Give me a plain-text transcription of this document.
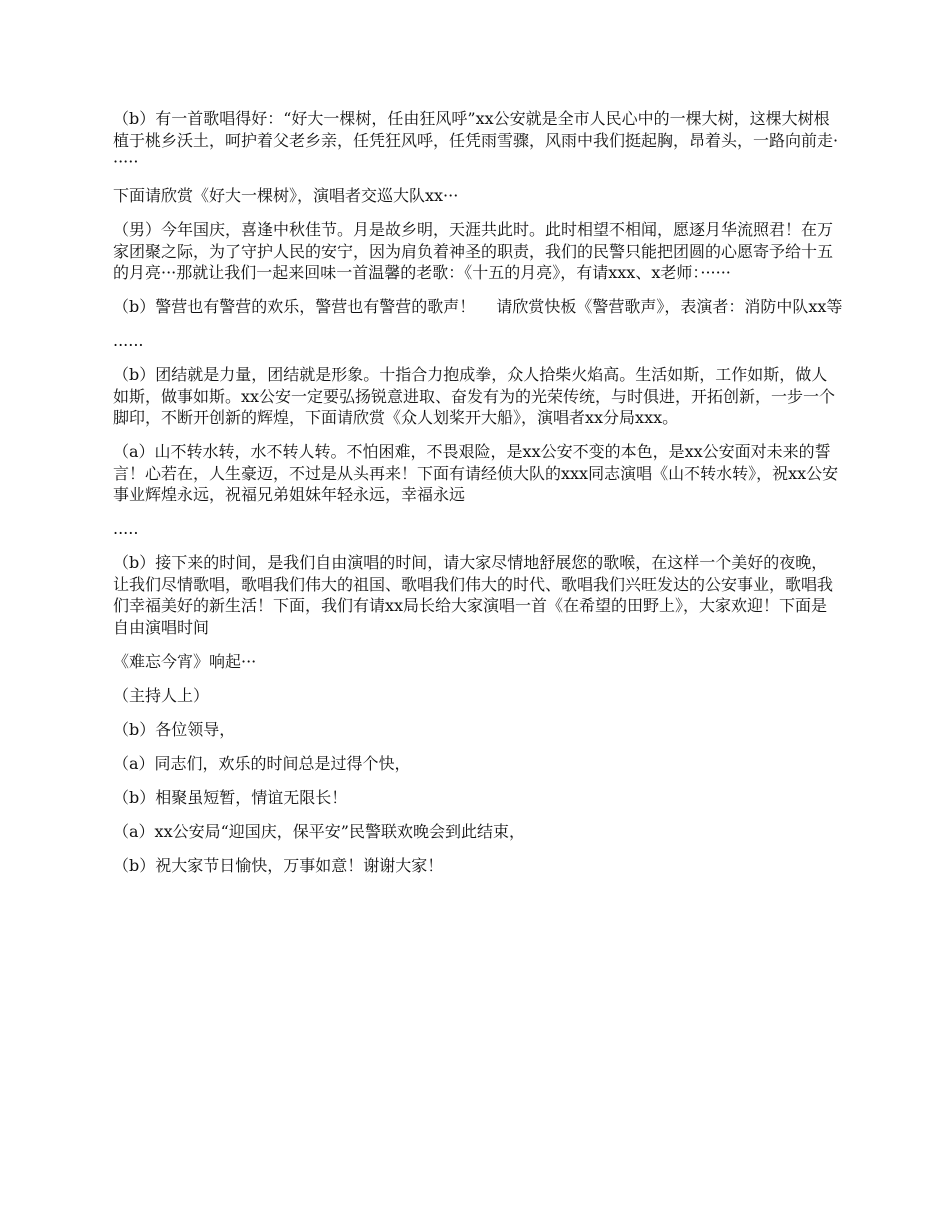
（b）有一首歌唱得好：“好大一棵树，任由狂风呼”xx公安就是全市人民心中的一棵大树，这棵大树根植于桃乡沃土，呵护着父老乡亲，任凭狂风呼，任凭雨雪骤，风雨中我们挺起胸，昂着头，一路向前走······

下面请欣赏《好大一棵树》，演唱者交巡大队xx···

（男）今年国庆，喜逢中秋佳节。月是故乡明，天涯共此时。此时相望不相闻，愿逐月华流照君！在万家团聚之际，为了守护人民的安宁，因为肩负着神圣的职责，我们的民警只能把团圆的心愿寄予给十五的月亮···那就让我们一起来回味一首温馨的老歌：《十五的月亮》，有请xxx、x老师：······

（b）警营也有警营的欢乐，警营也有警营的歌声！　 请欣赏快板《警营歌声》，表演者：消防中队xx等

......

（b）团结就是力量，团结就是形象。十指合力抱成拳，众人拾柴火焰高。生活如斯，工作如斯，做人如斯，做事如斯。xx公安一定要弘扬锐意进取、奋发有为的光荣传统，与时俱进，开拓创新，一步一个脚印，不断开创新的辉煌，下面请欣赏《众人划桨开大船》，演唱者xx分局xxx。

（a）山不转水转，水不转人转。不怕困难，不畏艰险，是xx公安不变的本色，是xx公安面对未来的誓言！心若在，人生豪迈，不过是从头再来！下面有请经侦大队的xxx同志演唱《山不转水转》，祝xx公安事业辉煌永远，祝福兄弟姐妹年轻永远，幸福永远

.....

（b）接下来的时间，是我们自由演唱的时间，请大家尽情地舒展您的歌喉，在这样一个美好的夜晚，让我们尽情歌唱，歌唱我们伟大的祖国、歌唱我们伟大的时代、歌唱我们兴旺发达的公安事业，歌唱我们幸福美好的新生活！下面，我们有请xx局长给大家演唱一首《在希望的田野上》，大家欢迎！下面是自由演唱时间

《难忘今宵》响起···

（主持人上）

（b）各位领导，

（a）同志们，欢乐的时间总是过得个快，

（b）相聚虽短暂，情谊无限长！

（a）xx公安局“迎国庆，保平安”民警联欢晚会到此结束，

（b）祝大家节日愉快，万事如意！谢谢大家！
